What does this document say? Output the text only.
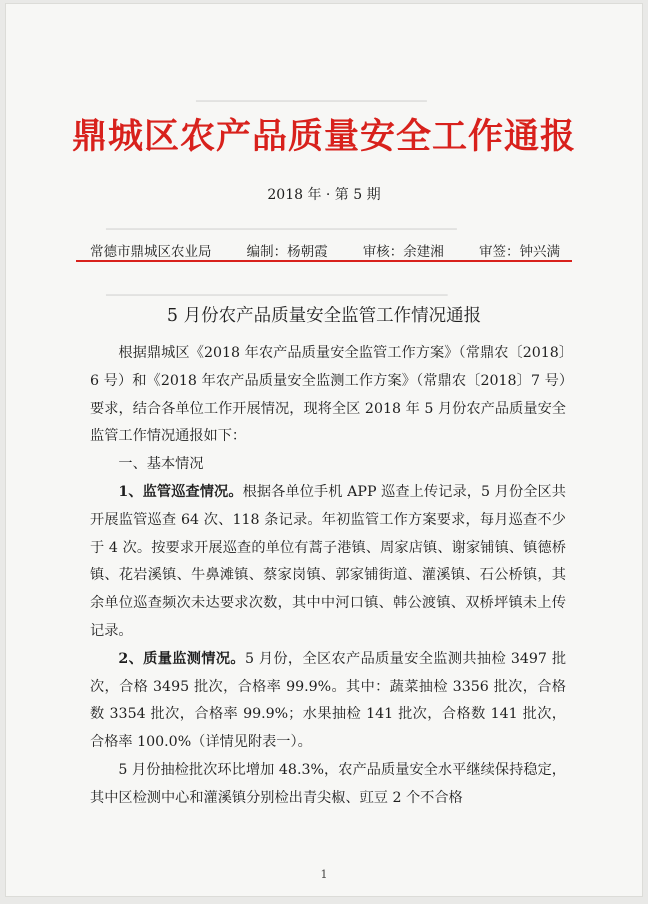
▁▁▁▁▁▁▁▁▁▁▁▁▁▁▁▁▁▁▁▁▁▁▁▁▁
▁▁▁▁▁▁▁▁▁▁▁▁▁▁▁▁▁▁▁▁▁▁▁▁▁▁▁▁▁▁▁▁▁▁▁▁▁▁
▁▁▁▁▁▁▁▁▁▁▁▁▁▁▁▁▁▁▁▁▁▁▁▁▁▁▁▁▁▁▁▁▁▁▁▁▁
鼎城区农产品质量安全工作通报
2018 年 · 第 5 期
常德市鼎城区农业局	编制：杨朝霞	审核：余建湘	审签：钟兴满
5 月份农产品质量安全监管工作情况通报

根据鼎城区《2018 年农产品质量安全监管工作方案》（常鼎农〔2018〕6 号）和《2018 年农产品质量安全监测工作方案》（常鼎农〔2018〕7 号）要求，结合各单位工作开展情况，现将全区 2018 年 5 月份农产品质量安全监管工作情况通报如下：

一、基本情况

1、监管巡查情况。根据各单位手机 APP 巡查上传记录，5 月份全区共开展监管巡查 64 次、118 条记录。年初监管工作方案要求，每月巡查不少于 4 次。按要求开展巡查的单位有蒿子港镇、周家店镇、谢家铺镇、镇德桥镇、花岩溪镇、牛鼻滩镇、蔡家岗镇、郭家铺街道、灌溪镇、石公桥镇，其余单位巡查频次未达要求次数，其中中河口镇、韩公渡镇、双桥坪镇未上传记录。

2、质量监测情况。5 月份，全区农产品质量安全监测共抽检 3497 批次，合格 3495 批次，合格率 99.9%。其中：蔬菜抽检 3356 批次，合格数 3354 批次，合格率 99.9%；水果抽检 141 批次，合格数 141 批次，合格率 100.0%（详情见附表一）。

5 月份抽检批次环比增加 48.3%，农产品质量安全水平继续保持稳定，其中区检测中心和灌溪镇分别检出青尖椒、豇豆 2 个不合格

1
